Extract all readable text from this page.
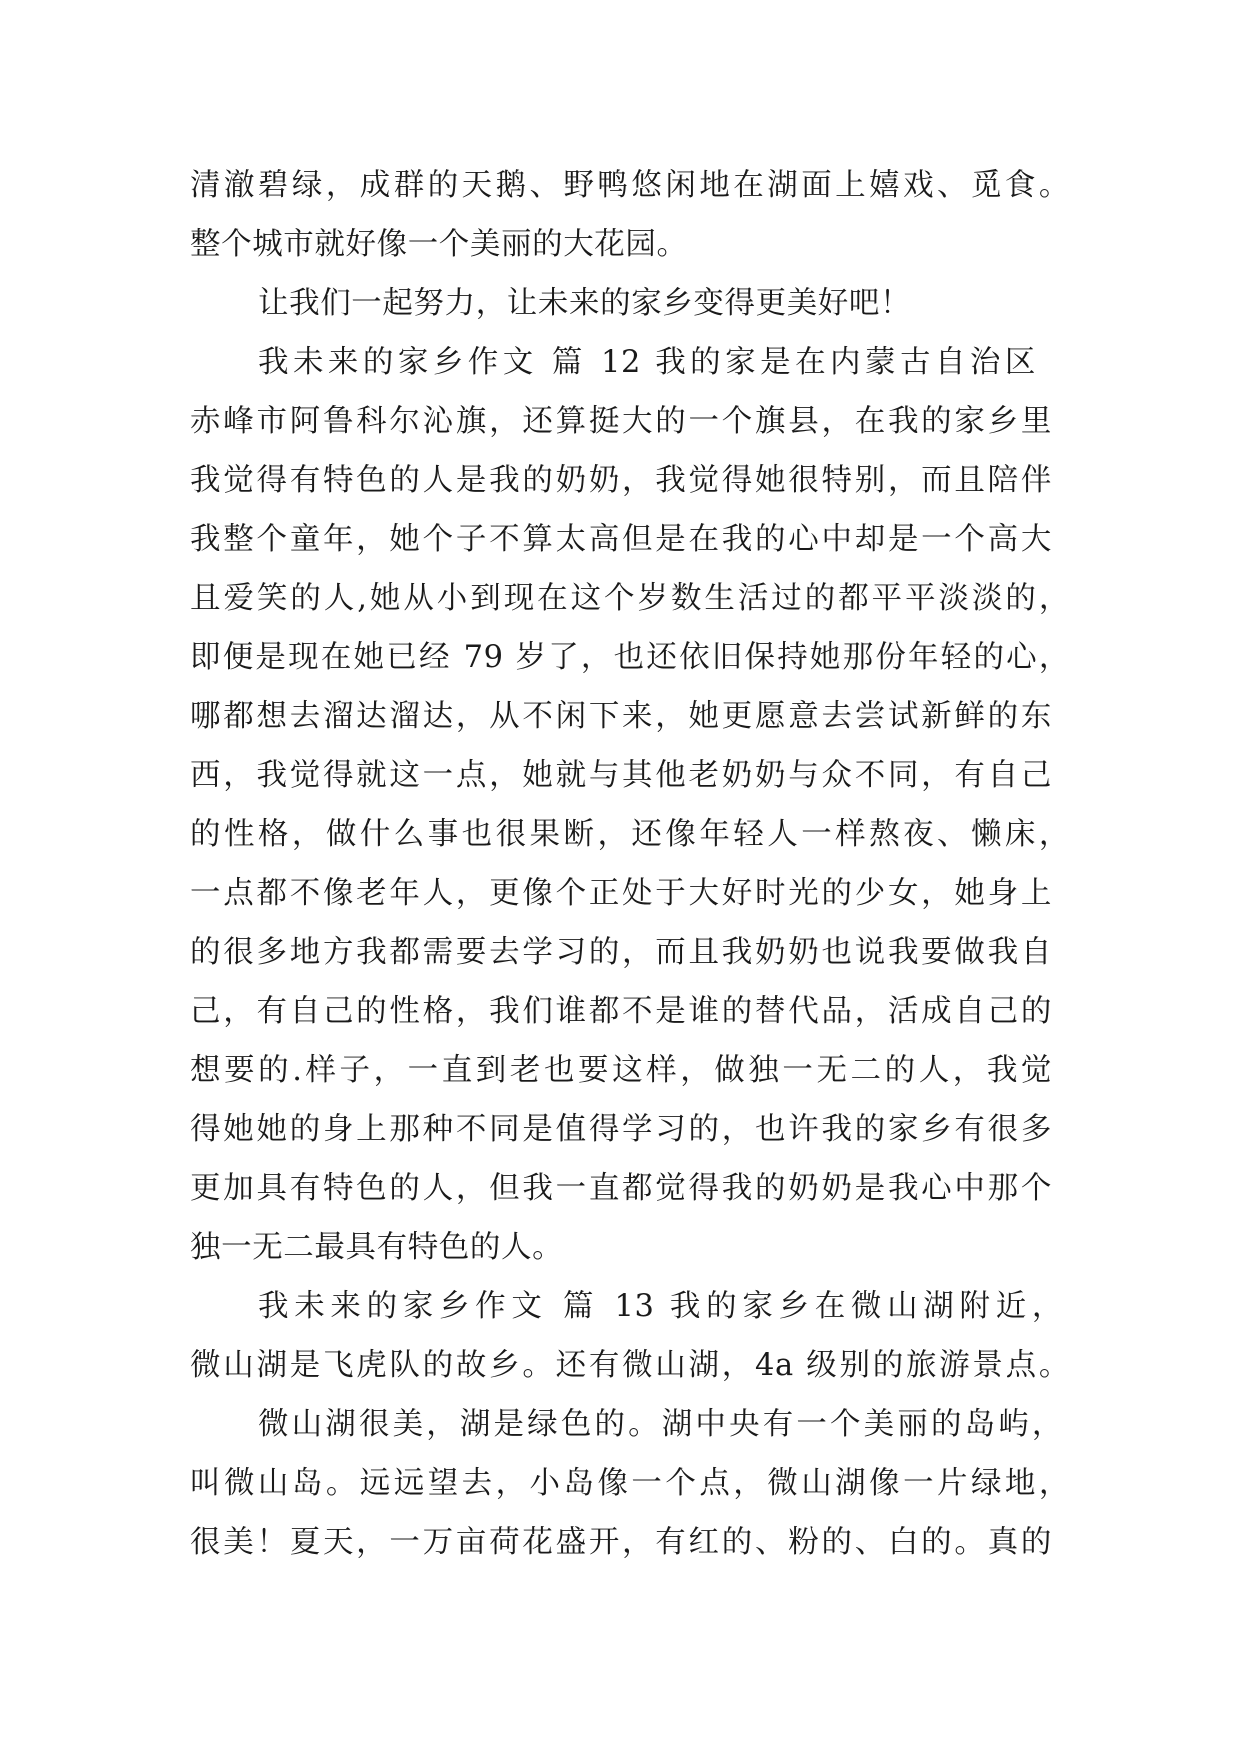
清澈碧绿，成群的天鹅、野鸭悠闲地在湖面上嬉戏、觅食。
整个城市就好像一个美丽的大花园。
让我们一起努力，让未来的家乡变得更美好吧！
我未来的家乡作文 篇 12 我的家是在内蒙古自治区
赤峰市阿鲁科尔沁旗，还算挺大的一个旗县，在我的家乡里
我觉得有特色的人是我的奶奶，我觉得她很特别，而且陪伴
我整个童年，她个子不算太高但是在我的心中却是一个高大
且爱笑的人,她从小到现在这个岁数生活过的都平平淡淡的，
即便是现在她已经 79 岁了，也还依旧保持她那份年轻的心，
哪都想去溜达溜达，从不闲下来，她更愿意去尝试新鲜的东
西，我觉得就这一点，她就与其他老奶奶与众不同，有自己
的性格，做什么事也很果断，还像年轻人一样熬夜、懒床，
一点都不像老年人，更像个正处于大好时光的少女，她身上
的很多地方我都需要去学习的，而且我奶奶也说我要做我自
己，有自己的性格，我们谁都不是谁的替代品，活成自己的
想要的.样子，一直到老也要这样，做独一无二的人，我觉
得她她的身上那种不同是值得学习的，也许我的家乡有很多
更加具有特色的人，但我一直都觉得我的奶奶是我心中那个
独一无二最具有特色的人。
我未来的家乡作文 篇 13 我的家乡在微山湖附近，
微山湖是飞虎队的故乡。还有微山湖，4a 级别的旅游景点。
微山湖很美，湖是绿色的。湖中央有一个美丽的岛屿，
叫微山岛。远远望去，小岛像一个点，微山湖像一片绿地，
很美！夏天，一万亩荷花盛开，有红的、粉的、白的。真的
